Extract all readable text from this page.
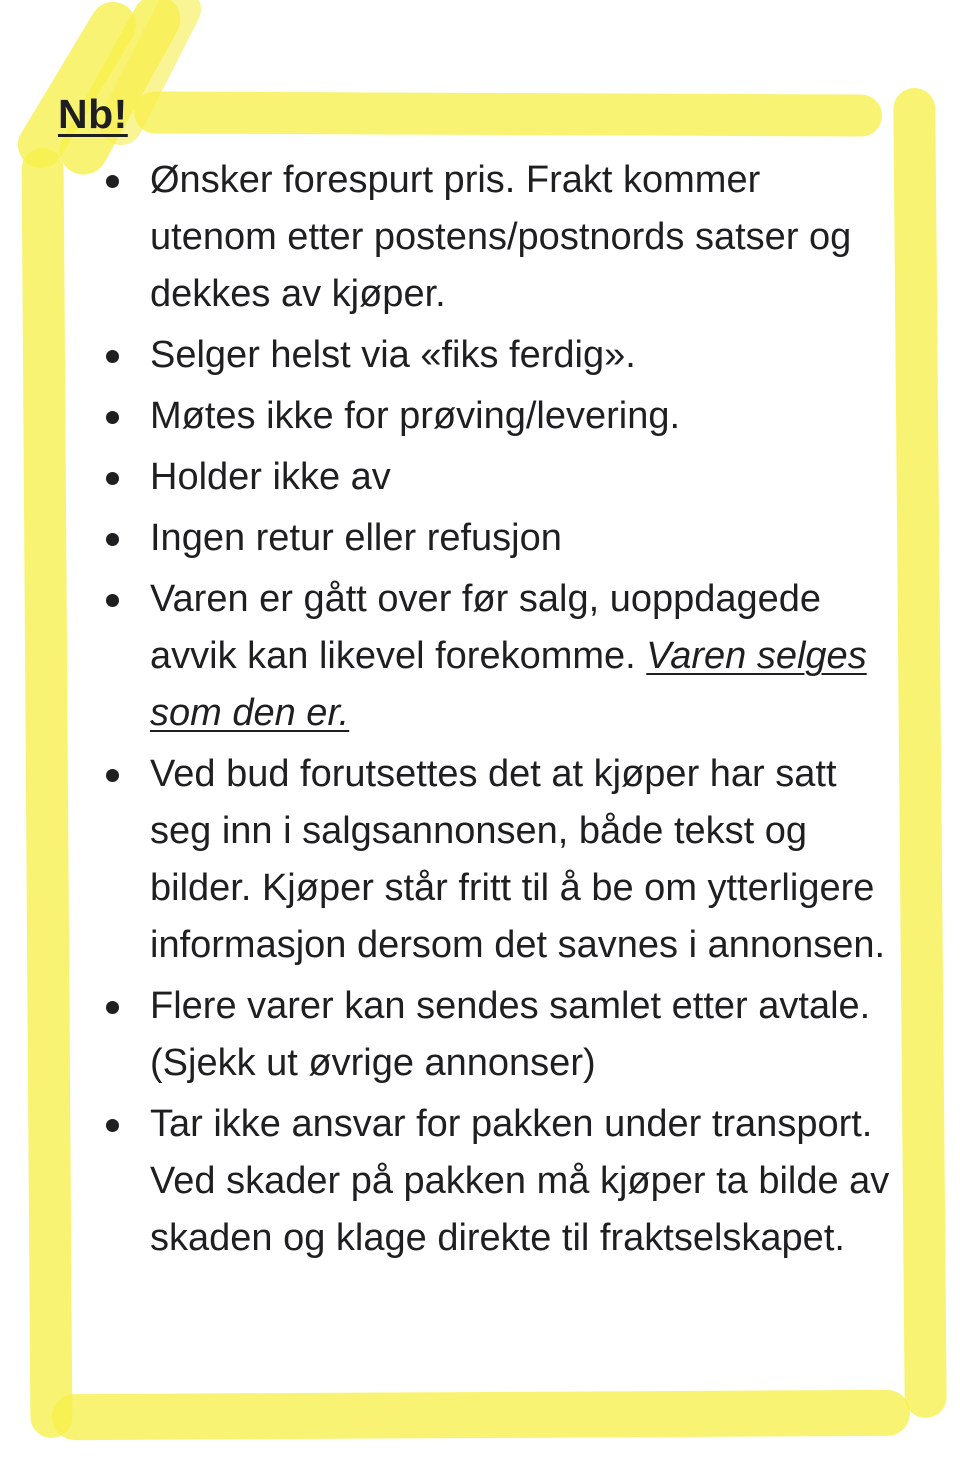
Nb!
Ønsker forespurt pris. Frakt kommer utenom etter postens/postnords satser og dekkes av kjøper.
Selger helst via «fiks ferdig».
Møtes ikke for prøving/levering.
Holder ikke av
Ingen retur eller refusjon
Varen er gått over før salg, uoppdagede avvik kan likevel forekomme. Varen selges som den er.
Ved bud forutsettes det at kjøper har satt seg inn i salgsannonsen, både tekst og bilder. Kjøper står fritt til å be om ytterligere informasjon dersom det savnes i annonsen.
Flere varer kan sendes samlet etter avtale. (Sjekk ut øvrige annonser)
Tar ikke ansvar for pakken under transport. Ved skader på pakken må kjøper ta bilde av skaden og klage direkte til fraktselskapet.
